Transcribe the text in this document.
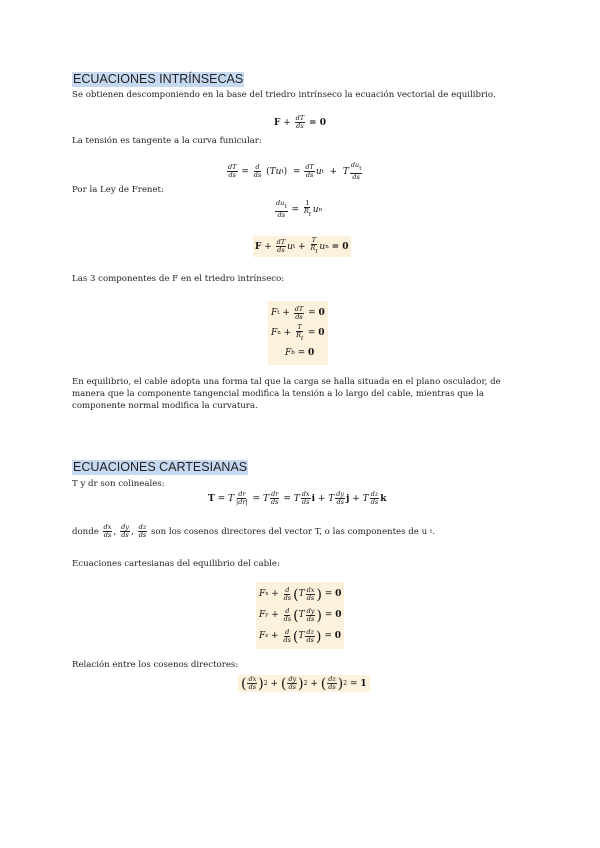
ECUACIONES INTRÍNSECAS
Se obtienen descomponiendo en la base del triedro intrínseco la ecuación vectorial de equilibrio.
$F + \frac{dT}{ds}$
= 0
La tensión es tangente a la curva funicular:
$\frac{dT}{ds} = \frac{d}{ds}$ ( Tu t )  = $\frac{dT}{ds}$ u t + T $\frac{du_t}{ds}$
Por la Ley de Frenet:
$\frac{du_t}{ds} = \frac{1}{R_f}$ u n
$F + \frac{dT}{ds}$ u $t + \frac{T}{R_f}$ u n
= 0
Las 3 componentes de F en el triedro intrínseco:
F $t + \frac{dT}{ds} = 0$
F $n + \frac{T}{R_f} = 0$
F b = 0
En equilibrio, el cable adopta una forma tal que la carga se halla situada en el plano osculador, de manera que la componente tangencial modifica la tensión a lo largo del cable, mientras que la componente normal modifica la curvatura.
ECUACIONES CARTESIANAS
T y dr son colineales:
T = T $\frac{dr}{|dr|} = T \frac{dr}{ds} = T \frac{dx}{ds}$ i + T $\frac{dy}{ds}$ j + T $\frac{dz}{ds}$ k
donde
$\frac{dx}{ds}$ , $\frac{dy}{ds}$ , $\frac{dz}{ds}$
son los cosenos directores del vector T, o las componentes de u
t .
Ecuaciones cartesianas del equilibrio del cable:
F $x + \frac{d}{ds}$ ( T $\frac{dx}{ds}$ ) = 0
F $y + \frac{d}{ds}$ ( T $\frac{dy}{ds}$ ) = 0
F $z + \frac{d}{ds}$ ( T $\frac{dz}{ds}$ ) = 0
Relación entre los cosenos directores:
( $\frac{dx}{ds}$ ) 2 + ( $\frac{dy}{ds}$ ) 2 + ( $\frac{dz}{ds}$ ) 2 = 1
